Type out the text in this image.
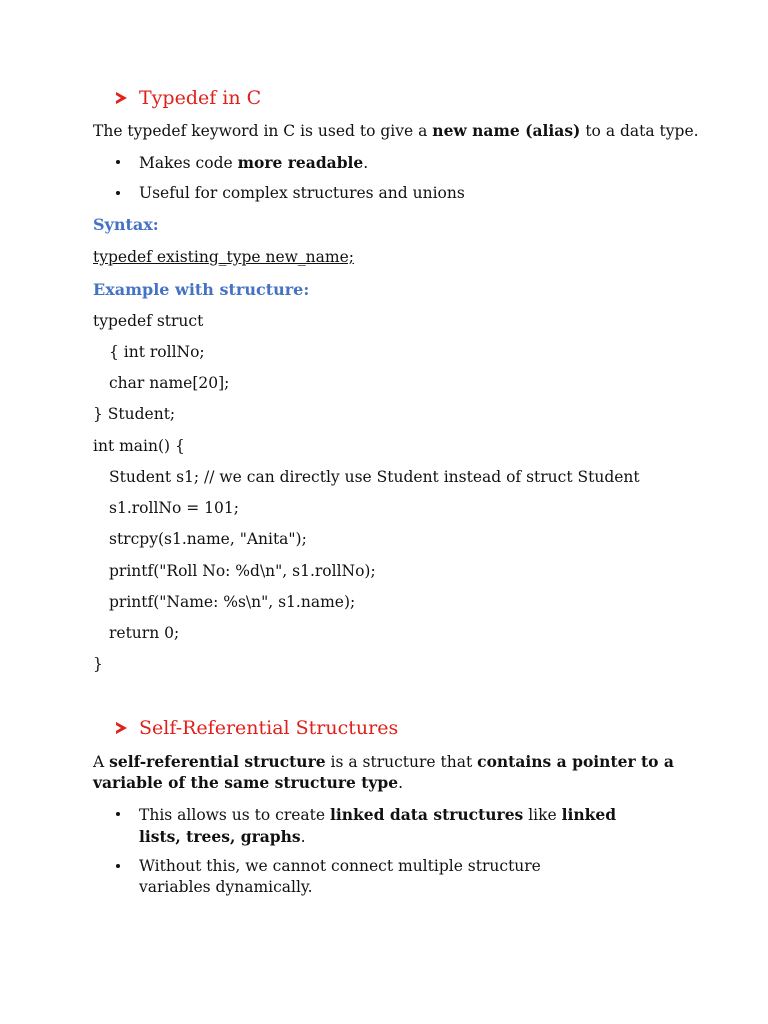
Typedef in C
The typedef keyword in C is used to give a new name (alias) to a data type.
Makes code more readable.
Useful for complex structures and unions
Syntax:
typedef existing_type new_name;
Example with structure:
typedef struct
{ int rollNo;
char name[20];
} Student;
int main() {
Student s1; // we can directly use Student instead of struct Student
s1.rollNo = 101;
strcpy(s1.name, "Anita");
printf("Roll No: %d\n", s1.rollNo);
printf("Name: %s\n", s1.name);
return 0;
}
Self-Referential Structures
A self-referential structure is a structure that contains a pointer to a
variable of the same structure type.
This allows us to create linked data structures like linked
lists, trees, graphs.
Without this, we cannot connect multiple structure
variables dynamically.
